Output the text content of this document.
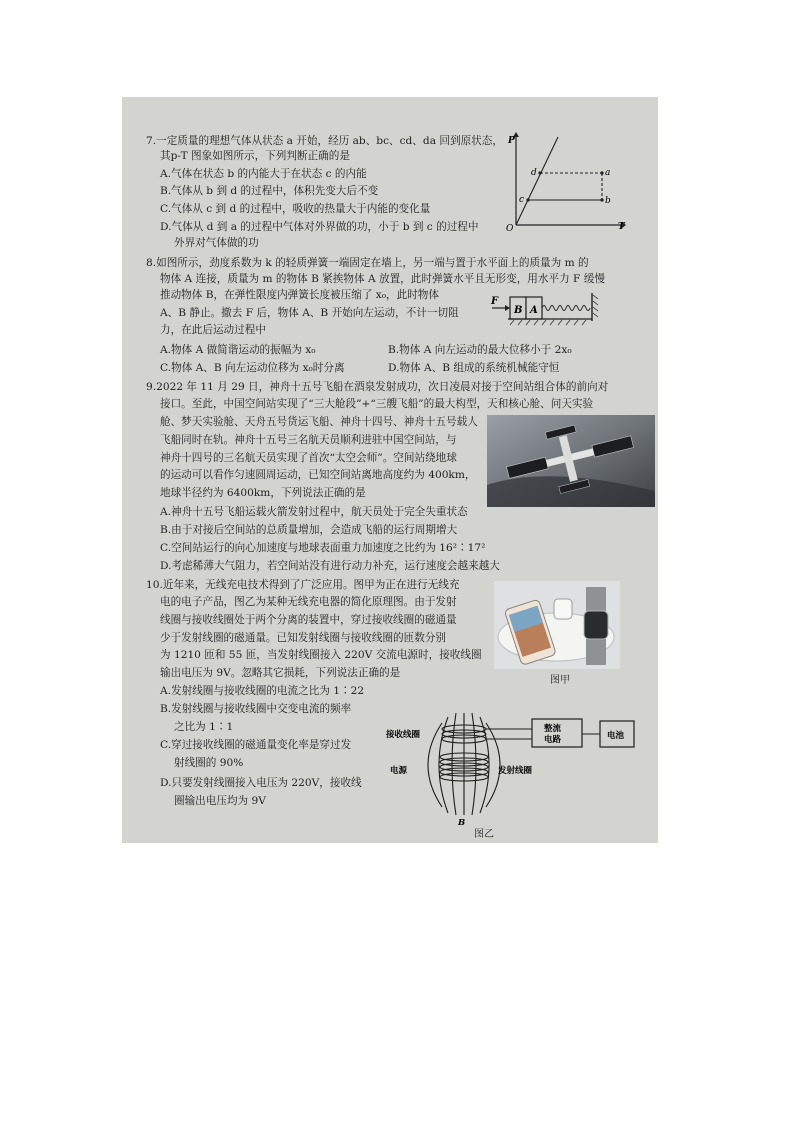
7.一定质量的理想气体从状态 a 开始，经历 ab、bc、cd、da 回到原状态，
其p-T 图象如图所示，下列判断正确的是
A.气体在状态 b 的内能大于在状态 c 的内能
B.气体从 b 到 d 的过程中，体积先变大后不变
C.气体从 c 到 d 的过程中，吸收的热量大于内能的变化量
D.气体从 d 到 a 的过程中气体对外界做的功，小于 b 到 c 的过程中
外界对气体做的功
P
T
O
a
b
c
d
8.如图所示，劲度系数为 k 的轻质弹簧一端固定在墙上，另一端与置于水平面上的质量为 m 的
物体 A 连接，质量为 m 的物体 B 紧挨物体 A 放置，此时弹簧水平且无形变，用水平力 F 缓慢
推动物体 B，在弹性限度内弹簧长度被压缩了 x₀，此时物体
A、B 静止。撤去 F 后，物体 A、B 开始向左运动，不计一切阻
力，在此后运动过程中
A.物体 A 做简谐运动的振幅为 x₀	B.物体 A 向左运动的最大位移小于 2x₀
C.物体 A、B 向左运动位移为 x₀时分离	D.物体 A、B 组成的系统机械能守恒
F
B A
9.2022 年 11 月 29 日，神舟十五号飞船在酒泉发射成功，次日凌晨对接于空间站组合体的前向对
接口。至此，中国空间站实现了“三大舱段”+“三艘飞船”的最大构型，天和核心舱、问天实验
舱、梦天实验舱、天舟五号货运飞船、神舟十四号、神舟十五号载人
飞船同时在轨。神舟十五号三名航天员顺利进驻中国空间站，与
神舟十四号的三名航天员实现了首次“太空会师”。空间站绕地球
的运动可以看作匀速圆周运动，已知空间站离地高度约为 400km，
地球半径约为 6400km，下列说法正确的是
A.神舟十五号飞船运载火箭发射过程中，航天员处于完全失重状态
B.由于对接后空间站的总质量增加，会造成飞船的运行周期增大
C.空间站运行的向心加速度与地球表面重力加速度之比约为 16²∶17²
D.考虑稀薄大气阻力，若空间站没有进行动力补充，运行速度会越来越大
10.近年来，无线充电技术得到了广泛应用。图甲为正在进行无线充
电的电子产品，图乙为某种无线充电器的简化原理图。由于发射
线圈与接收线圈处于两个分离的装置中，穿过接收线圈的磁通量
少于发射线圈的磁通量。已知发射线圈与接收线圈的匝数分别
为 1210 匝和 55 匝，当发射线圈接入 220V 交流电源时，接收线圈
输出电压为 9V。忽略其它损耗，下列说法正确的是
A.发射线圈与接收线圈的电流之比为 1∶22
B.发射线圈与接收线圈中交变电流的频率
之比为 1∶1
C.穿过接收线圈的磁通量变化率是穿过发
射线圈的 90%
D.只要发射线圈接入电压为 220V，接收线
圈输出电压均为 9V
图甲
整流
电路	电池
接收线圈
电源	发射线圈
B
图乙
